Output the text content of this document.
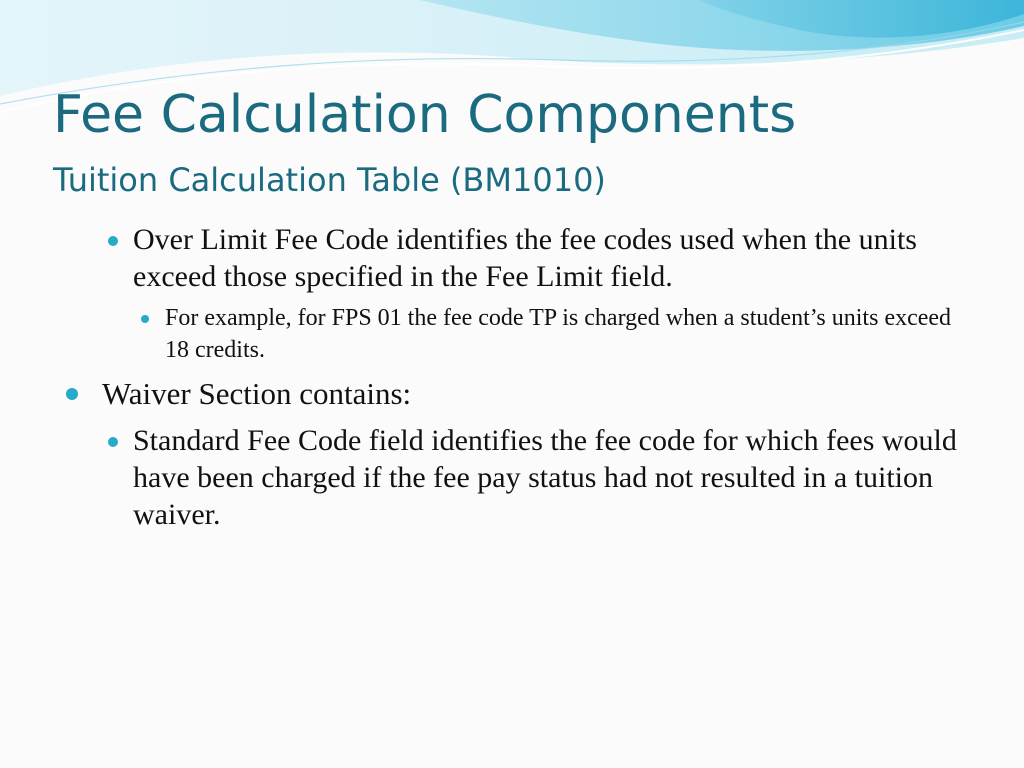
Fee Calculation Components
Tuition Calculation Table (BM1010)

Over Limit Fee Code identifies the fee codes used when the units exceed those specified in the Fee Limit field.

For example, for FPS 01 the fee code TP is charged when a student’s units exceed 18 credits.

Waiver Section contains:

Standard Fee Code field identifies the fee code for which fees would have been charged if the fee pay status had not resulted in a tuition waiver.
